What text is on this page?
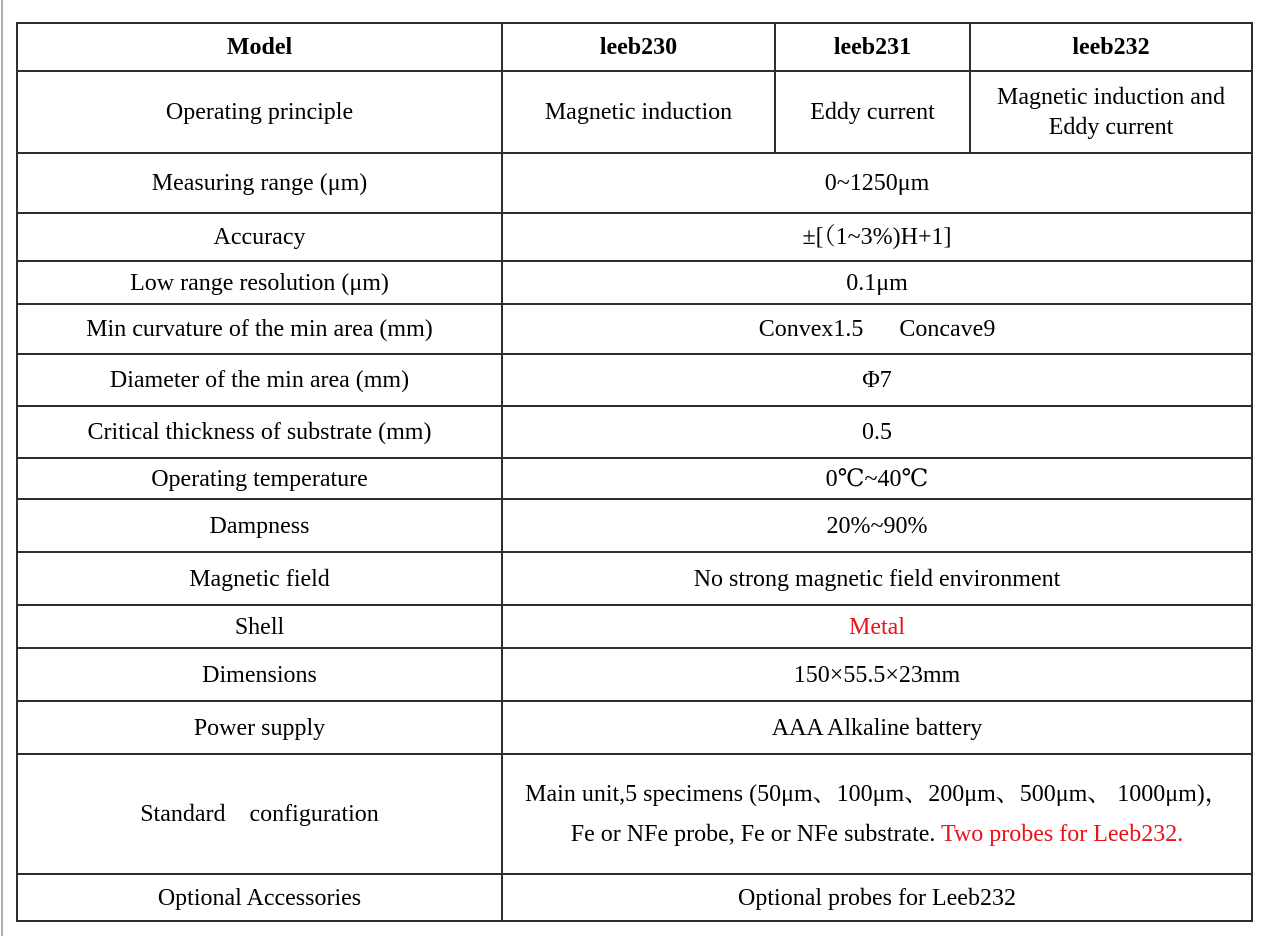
Model	leeb230	leeb231	leeb232
Operating principle	Magnetic induction	Eddy current	Magnetic induction and Eddy current
Measuring range (μm)	0~1250μm		
Accuracy	±[（1~3%)H+1]		
Low range resolution (μm)	0.1μm		
Min curvature of the min area (mm)	Convex1.5      Concave9		
Diameter of the min area (mm)	Φ7		
Critical thickness of substrate (mm)	0.5		
Operating temperature	0℃~40℃		
Dampness	20%~90%		
Magnetic field	No strong magnetic field environment		
Shell	Metal		
Dimensions	150×55.5×23mm		
Power supply	AAA Alkaline battery		
Standard    configuration	Main unit,5 specimens (50μm、100μm、200μm、500μm、 1000μm)， Fe or NFe probe, Fe or NFe substrate. Two probes for Leeb232.		
Optional Accessories	Optional probes for Leeb232		
